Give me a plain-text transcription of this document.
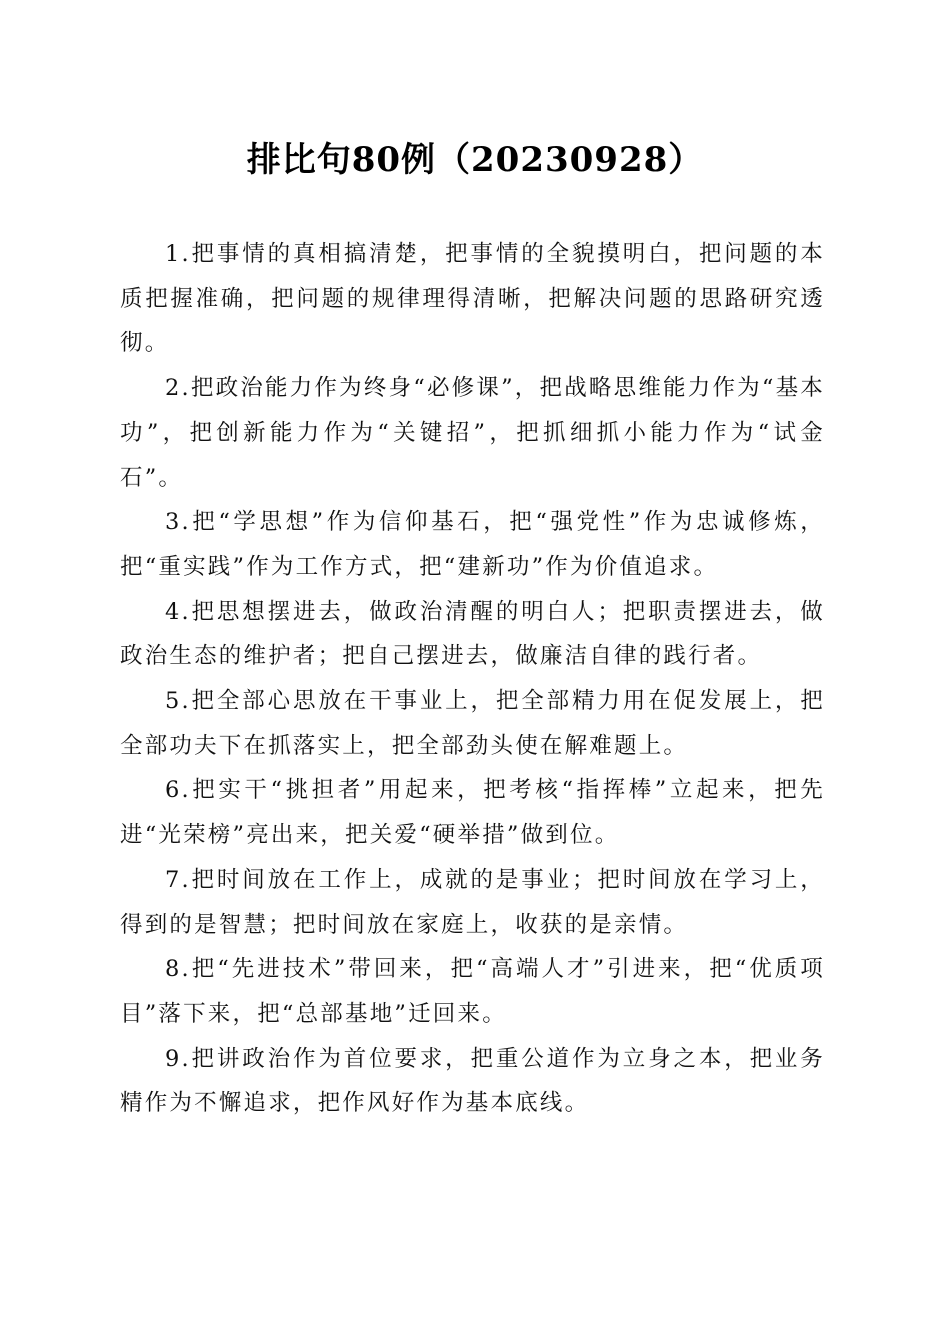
排比句80例（20230928）

1.把事情的真相搞清楚，把事情的全貌摸明白，把问题的本质把握准确，把问题的规律理得清晰，把解决问题的思路研究透彻。

2.把政治能力作为终身“必修课”，把战略思维能力作为“基本功”，把创新能力作为“关键招”，把抓细抓小能力作为“试金石”。

3.把“学思想”作为信仰基石，把“强党性”作为忠诚修炼，把“重实践”作为工作方式，把“建新功”作为价值追求。

4.把思想摆进去，做政治清醒的明白人；把职责摆进去，做政治生态的维护者；把自己摆进去，做廉洁自律的践行者。

5.把全部心思放在干事业上，把全部精力用在促发展上，把全部功夫下在抓落实上，把全部劲头使在解难题上。

6.把实干“挑担者”用起来，把考核“指挥棒”立起来，把先进“光荣榜”亮出来，把关爱“硬举措”做到位。

7.把时间放在工作上，成就的是事业；把时间放在学习上，得到的是智慧；把时间放在家庭上，收获的是亲情。

8.把“先进技术”带回来，把“高端人才”引进来，把“优质项目”落下来，把“总部基地”迁回来。

9.把讲政治作为首位要求，把重公道作为立身之本，把业务精作为不懈追求，把作风好作为基本底线。
